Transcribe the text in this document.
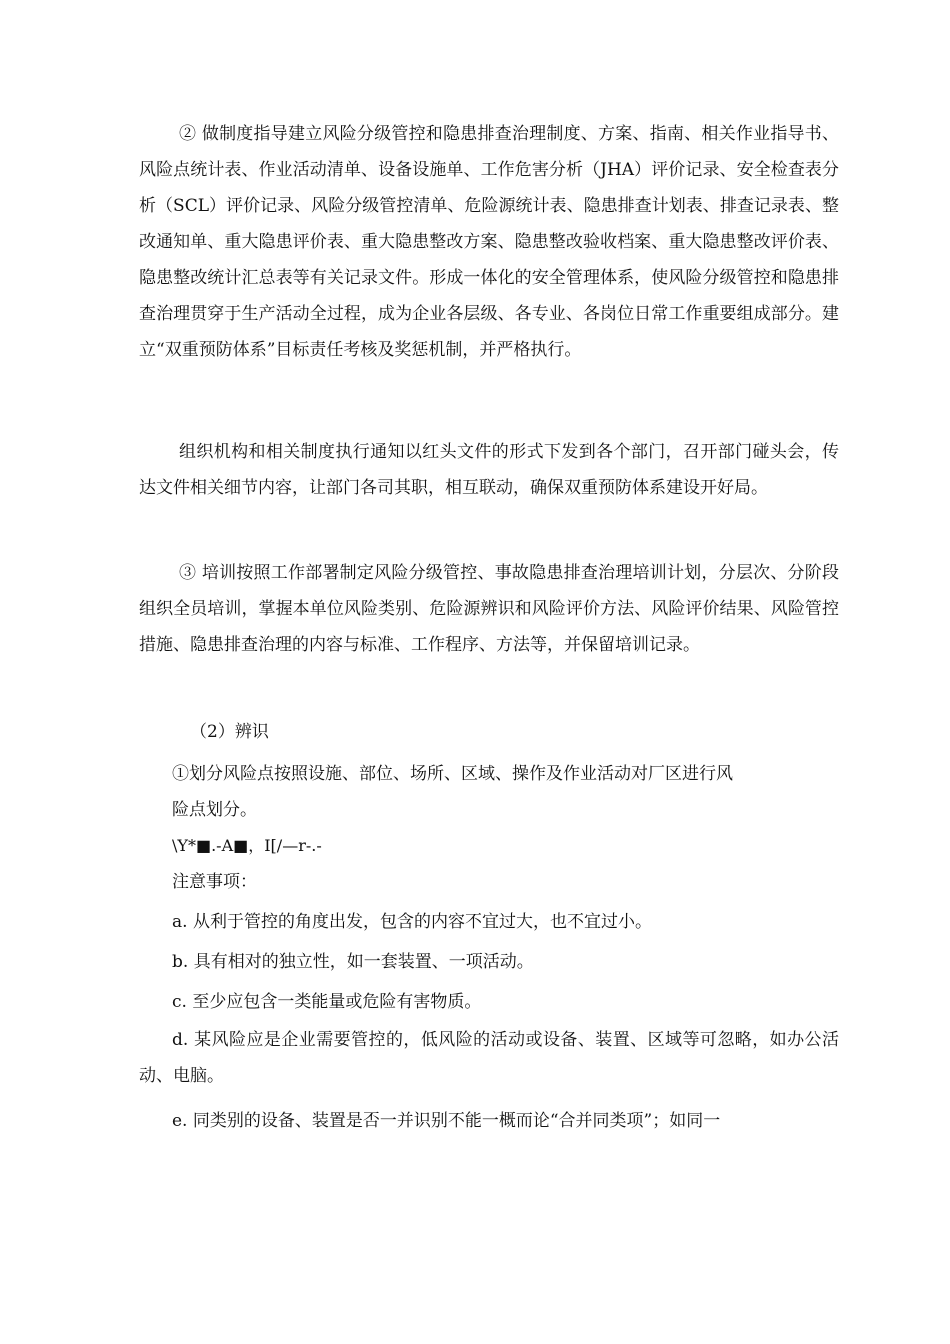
② 做制度指导建立风险分级管控和隐患排查治理制度、方案、指南、相关作业指导书、风险点统计表、作业活动清单、设备设施单、工作危害分析（JHA）评价记录、安全检查表分析（SCL）评价记录、风险分级管控清单、危险源统计表、隐患排查计划表、排查记录表、整改通知单、重大隐患评价表、重大隐患整改方案、隐患整改验收档案、重大隐患整改评价表、隐患整改统计汇总表等有关记录文件。形成一体化的安全管理体系，使风险分级管控和隐患排查治理贯穿于生产活动全过程，成为企业各层级、各专业、各岗位日常工作重要组成部分。建立“双重预防体系”目标责任考核及奖惩机制，并严格执行。

组织机构和相关制度执行通知以红头文件的形式下发到各个部门，召开部门碰头会，传达文件相关细节内容，让部门各司其职，相互联动，确保双重预防体系建设开好局。

③ 培训按照工作部署制定风险分级管控、事故隐患排查治理培训计划，分层次、分阶段组织全员培训，掌握本单位风险类别、危险源辨识和风险评价方法、风险评价结果、风险管控措施、隐患排查治理的内容与标准、工作程序、方法等，并保留培训记录。

（2）辨识

①划分风险点按照设施、部位、场所、区域、操作及作业活动对厂区进行风

险点划分。

\Y*■.-A■，I[/—r-.-

注意事项：

a. 从利于管控的角度出发，包含的内容不宜过大，也不宜过小。

b. 具有相对的独立性，如一套装置、一项活动。

c. 至少应包含一类能量或危险有害物质。

d. 某风险应是企业需要管控的，低风险的活动或设备、装置、区域等可忽略，如办公活动、电脑。

e. 同类别的设备、装置是否一并识别不能一概而论“合并同类项”；如同一
